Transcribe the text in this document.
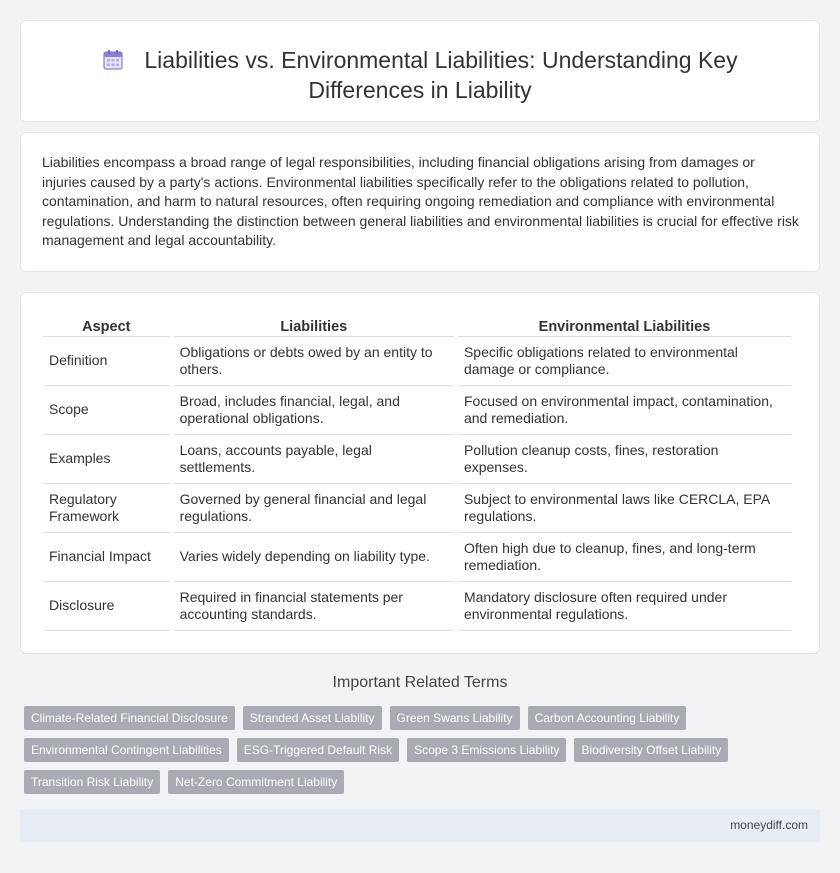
Liabilities vs. Environmental Liabilities: Understanding Key Differences in Liability

Liabilities encompass a broad range of legal responsibilities, including financial obligations arising from damages or injuries caused by a party's actions. Environmental liabilities specifically refer to the obligations related to pollution, contamination, and harm to natural resources, often requiring ongoing remediation and compliance with environmental regulations. Understanding the distinction between general liabilities and environmental liabilities is crucial for effective risk management and legal accountability.

Aspect	Liabilities	Environmental Liabilities
Definition	Obligations or debts owed by an entity to others.	Specific obligations related to environmental damage or compliance.
Scope	Broad, includes financial, legal, and operational obligations.	Focused on environmental impact, contamination, and remediation.
Examples	Loans, accounts payable, legal settlements.	Pollution cleanup costs, fines, restoration expenses.
Regulatory Framework	Governed by general financial and legal regulations.	Subject to environmental laws like CERCLA, EPA regulations.
Financial Impact	Varies widely depending on liability type.	Often high due to cleanup, fines, and long-term remediation.
Disclosure	Required in financial statements per accounting standards.	Mandatory disclosure often required under environmental regulations.
Important Related Terms
Climate-Related Financial Disclosure	Stranded Asset Liability	Green Swans Liability	Carbon Accounting Liability
Environmental Contingent Liabilities	ESG-Triggered Default Risk	Scope 3 Emissions Liability	Biodiversity Offset Liability
Transition Risk Liability	Net-Zero Commitment Liability
moneydiff.com
